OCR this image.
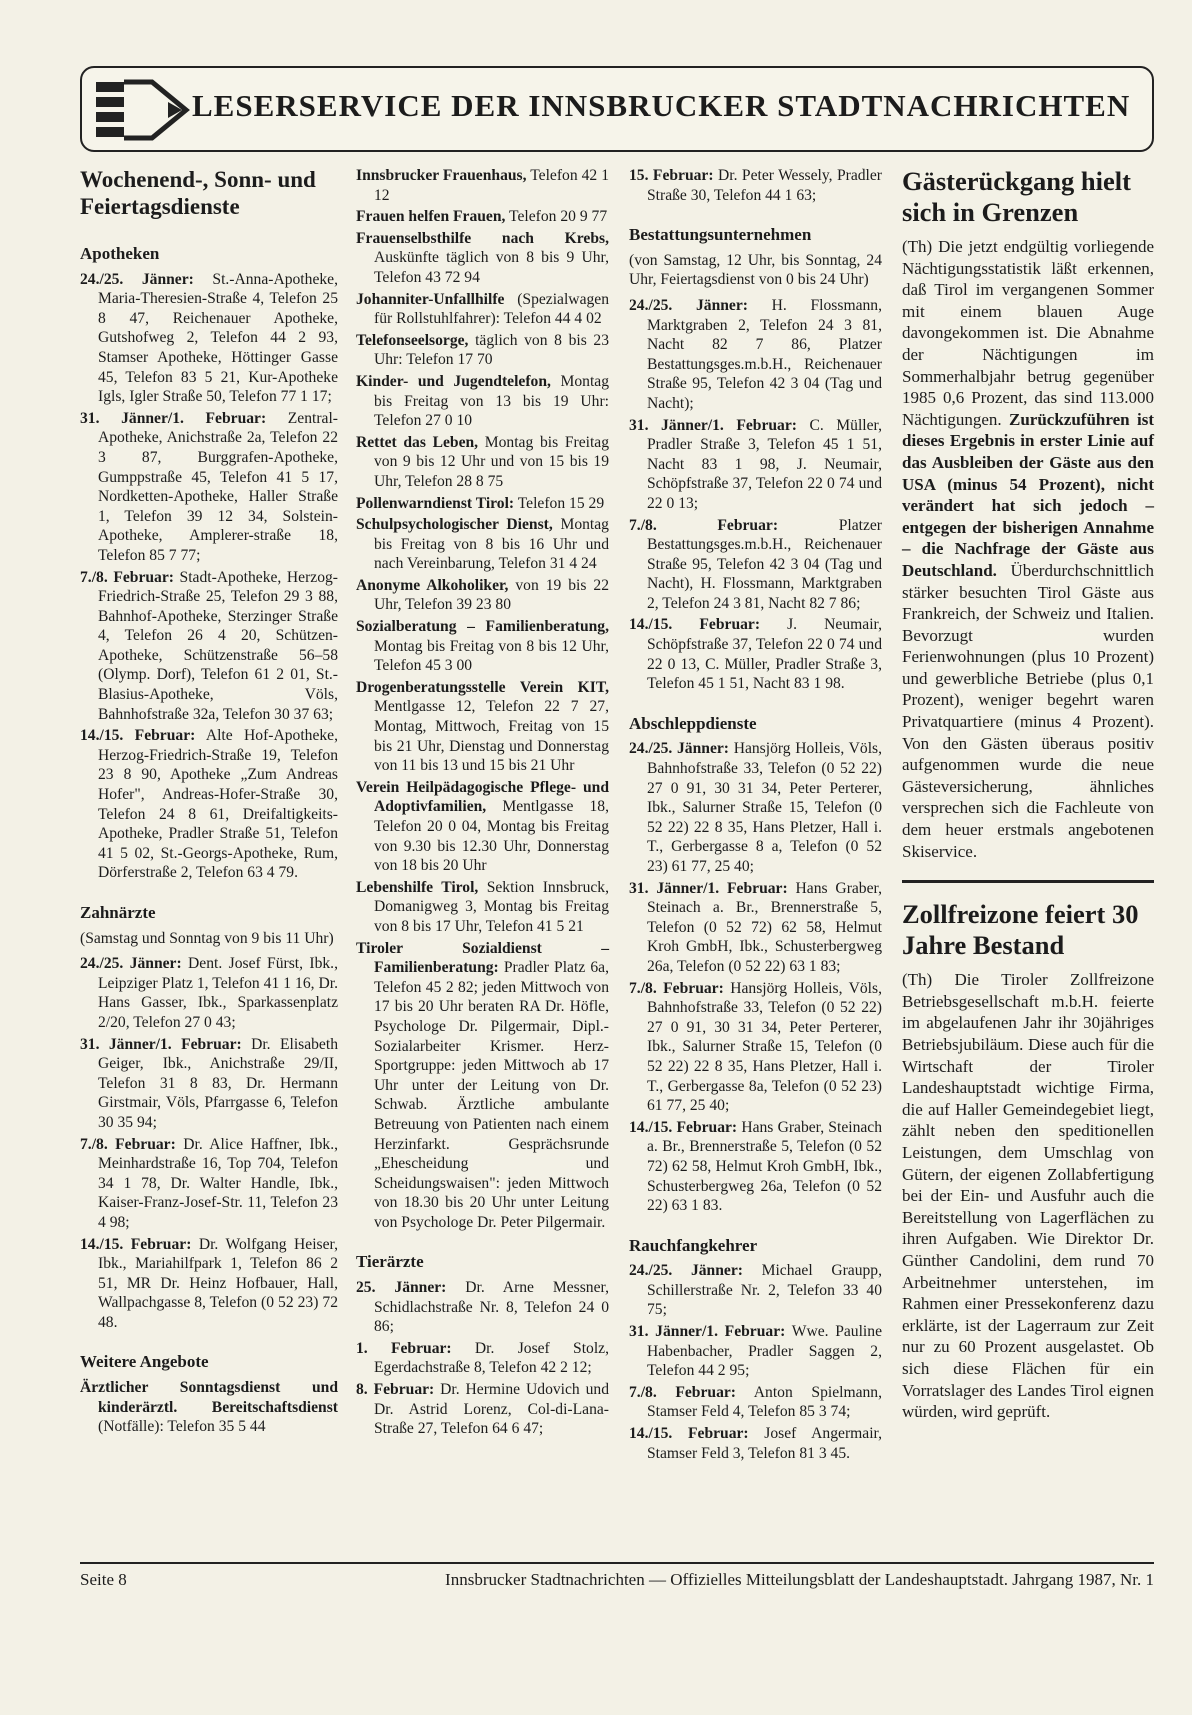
LESERSERVICE DER INNSBRUCKER STADTNACHRICHTEN
Wochenend-, Sonn- und Feiertagsdienste
Apotheken

24./25. Jänner: St.-Anna-Apotheke, Maria-Theresien-Straße 4, Telefon 25 8 47, Reichenauer Apotheke, Gutshofweg 2, Telefon 44 2 93, Stamser Apotheke, Höttinger Gasse 45, Telefon 83 5 21, Kur-Apotheke Igls, Igler Straße 50, Telefon 77 1 17;

31. Jänner/1. Februar: Zentral-Apotheke, Anichstraße 2a, Telefon 22 3 87, Burggrafen-Apotheke, Gumppstraße 45, Telefon 41 5 17, Nordketten-Apotheke, Haller Straße 1, Telefon 39 12 34, Solstein-Apotheke, Amplerer-straße 18, Telefon 85 7 77;

7./8. Februar: Stadt-Apotheke, Herzog-Friedrich-Straße 25, Telefon 29 3 88, Bahnhof-Apotheke, Sterzinger Straße 4, Telefon 26 4 20, Schützen-Apotheke, Schützenstraße 56–58 (Olymp. Dorf), Telefon 61 2 01, St.-Blasius-Apotheke, Völs, Bahnhofstraße 32a, Telefon 30 37 63;

14./15. Februar: Alte Hof-Apotheke, Herzog-Friedrich-Straße 19, Telefon 23 8 90, Apotheke „Zum Andreas Hofer", Andreas-Hofer-Straße 30, Telefon 24 8 61, Dreifaltigkeits-Apotheke, Pradler Straße 51, Telefon 41 5 02, St.-Georgs-Apotheke, Rum, Dörferstraße 2, Telefon 63 4 79.

Zahnärzte
(Samstag und Sonntag von 9 bis 11 Uhr)

24./25. Jänner: Dent. Josef Fürst, Ibk., Leipziger Platz 1, Telefon 41 1 16, Dr. Hans Gasser, Ibk., Sparkassenplatz 2/20, Telefon 27 0 43;

31. Jänner/1. Februar: Dr. Elisabeth Geiger, Ibk., Anichstraße 29/II, Telefon 31 8 83, Dr. Hermann Girstmair, Völs, Pfarrgasse 6, Telefon 30 35 94;

7./8. Februar: Dr. Alice Haffner, Ibk., Meinhardstraße 16, Top 704, Telefon 34 1 78, Dr. Walter Handle, Ibk., Kaiser-Franz-Josef-Str. 11, Telefon 23 4 98;

14./15. Februar: Dr. Wolfgang Heiser, Ibk., Mariahilfpark 1, Telefon 86 2 51, MR Dr. Heinz Hofbauer, Hall, Wallpachgasse 8, Telefon (0 52 23) 72 48.

Weitere Angebote

Ärztlicher Sonntagsdienst und kinderärztl. Bereitschaftsdienst (Notfälle): Telefon 35 5 44

Innsbrucker Frauenhaus, Telefon 42 1 12

Frauen helfen Frauen, Telefon 20 9 77

Frauenselbsthilfe nach Krebs, Auskünfte täglich von 8 bis 9 Uhr, Telefon 43 72 94

Johanniter-Unfallhilfe (Spezialwagen für Rollstuhlfahrer): Telefon 44 4 02

Telefonseelsorge, täglich von 8 bis 23 Uhr: Telefon 17 70

Kinder- und Jugendtelefon, Montag bis Freitag von 13 bis 19 Uhr: Telefon 27 0 10

Rettet das Leben, Montag bis Freitag von 9 bis 12 Uhr und von 15 bis 19 Uhr, Telefon 28 8 75

Pollenwarndienst Tirol: Telefon 15 29

Schulpsychologischer Dienst, Montag bis Freitag von 8 bis 16 Uhr und nach Vereinbarung, Telefon 31 4 24

Anonyme Alkoholiker, von 19 bis 22 Uhr, Telefon 39 23 80

Sozialberatung – Familienberatung, Montag bis Freitag von 8 bis 12 Uhr, Telefon 45 3 00

Drogenberatungsstelle Verein KIT, Mentlgasse 12, Telefon 22 7 27, Montag, Mittwoch, Freitag von 15 bis 21 Uhr, Dienstag und Donnerstag von 11 bis 13 und 15 bis 21 Uhr

Verein Heilpädagogische Pflege- und Adoptivfamilien, Mentlgasse 18, Telefon 20 0 04, Montag bis Freitag von 9.30 bis 12.30 Uhr, Donnerstag von 18 bis 20 Uhr

Lebenshilfe Tirol, Sektion Innsbruck, Domanigweg 3, Montag bis Freitag von 8 bis 17 Uhr, Telefon 41 5 21

Tiroler Sozialdienst – Familienberatung: Pradler Platz 6a, Telefon 45 2 82; jeden Mittwoch von 17 bis 20 Uhr beraten RA Dr. Höfle, Psychologe Dr. Pilgermair, Dipl.-Sozialarbeiter Krismer. Herz-Sportgruppe: jeden Mittwoch ab 17 Uhr unter der Leitung von Dr. Schwab. Ärztliche ambulante Betreuung von Patienten nach einem Herzinfarkt. Gesprächsrunde „Ehescheidung und Scheidungswaisen": jeden Mittwoch von 18.30 bis 20 Uhr unter Leitung von Psychologe Dr. Peter Pilgermair.

Tierärzte

25. Jänner: Dr. Arne Messner, Schidlachstraße Nr. 8, Telefon 24 0 86;

1. Februar: Dr. Josef Stolz, Egerdachstraße 8, Telefon 42 2 12;

8. Februar: Dr. Hermine Udovich und Dr. Astrid Lorenz, Col-di-Lana-Straße 27, Telefon 64 6 47;

15. Februar: Dr. Peter Wessely, Pradler Straße 30, Telefon 44 1 63;

Bestattungsunternehmen
(von Samstag, 12 Uhr, bis Sonntag, 24 Uhr, Feiertagsdienst von 0 bis 24 Uhr)

24./25. Jänner: H. Flossmann, Marktgraben 2, Telefon 24 3 81, Nacht 82 7 86, Platzer Bestattungsges.m.b.H., Reichenauer Straße 95, Telefon 42 3 04 (Tag und Nacht);

31. Jänner/1. Februar: C. Müller, Pradler Straße 3, Telefon 45 1 51, Nacht 83 1 98, J. Neumair, Schöpfstraße 37, Telefon 22 0 74 und 22 0 13;

7./8. Februar: Platzer Bestattungsges.m.b.H., Reichenauer Straße 95, Telefon 42 3 04 (Tag und Nacht), H. Flossmann, Marktgraben 2, Telefon 24 3 81, Nacht 82 7 86;

14./15. Februar: J. Neumair, Schöpfstraße 37, Telefon 22 0 74 und 22 0 13, C. Müller, Pradler Straße 3, Telefon 45 1 51, Nacht 83 1 98.

Abschleppdienste

24./25. Jänner: Hansjörg Holleis, Völs, Bahnhofstraße 33, Telefon (0 52 22) 27 0 91, 30 31 34, Peter Perterer, Ibk., Salurner Straße 15, Telefon (0 52 22) 22 8 35, Hans Pletzer, Hall i. T., Gerbergasse 8 a, Telefon (0 52 23) 61 77, 25 40;

31. Jänner/1. Februar: Hans Graber, Steinach a. Br., Brennerstraße 5, Telefon (0 52 72) 62 58, Helmut Kroh GmbH, Ibk., Schusterbergweg 26a, Telefon (0 52 22) 63 1 83;

7./8. Februar: Hansjörg Holleis, Völs, Bahnhofstraße 33, Telefon (0 52 22) 27 0 91, 30 31 34, Peter Perterer, Ibk., Salurner Straße 15, Telefon (0 52 22) 22 8 35, Hans Pletzer, Hall i. T., Gerbergasse 8a, Telefon (0 52 23) 61 77, 25 40;

14./15. Februar: Hans Graber, Steinach a. Br., Brennerstraße 5, Telefon (0 52 72) 62 58, Helmut Kroh GmbH, Ibk., Schusterbergweg 26a, Telefon (0 52 22) 63 1 83.

Rauchfangkehrer

24./25. Jänner: Michael Graupp, Schillerstraße Nr. 2, Telefon 33 40 75;

31. Jänner/1. Februar: Wwe. Pauline Habenbacher, Pradler Saggen 2, Telefon 44 2 95;

7./8. Februar: Anton Spielmann, Stamser Feld 4, Telefon 85 3 74;

14./15. Februar: Josef Angermair, Stamser Feld 3, Telefon 81 3 45.

Gästerückgang hielt sich in Grenzen

(Th) Die jetzt endgültig vorliegende Nächtigungsstatistik läßt erkennen, daß Tirol im vergangenen Sommer mit einem blauen Auge davongekommen ist. Die Abnahme der Nächtigungen im Sommerhalbjahr betrug gegenüber 1985 0,6 Prozent, das sind 113.000 Nächtigungen. Zurückzuführen ist dieses Ergebnis in erster Linie auf das Ausbleiben der Gäste aus den USA (minus 54 Prozent), nicht verändert hat sich jedoch – entgegen der bisherigen Annahme – die Nachfrage der Gäste aus Deutschland. Überdurchschnittlich stärker besuchten Tirol Gäste aus Frankreich, der Schweiz und Italien. Bevorzugt wurden Ferienwohnungen (plus 10 Prozent) und gewerbliche Betriebe (plus 0,1 Prozent), weniger begehrt waren Privatquartiere (minus 4 Prozent). Von den Gästen überaus positiv aufgenommen wurde die neue Gästeversicherung, ähnliches versprechen sich die Fachleute von dem heuer erstmals angebotenen Skiservice.

Zollfreizone feiert 30 Jahre Bestand

(Th) Die Tiroler Zollfreizone Betriebsgesellschaft m.b.H. feierte im abgelaufenen Jahr ihr 30jähriges Betriebsjubiläum. Diese auch für die Wirtschaft der Tiroler Landeshauptstadt wichtige Firma, die auf Haller Gemeindegebiet liegt, zählt neben den speditionellen Leistungen, dem Umschlag von Gütern, der eigenen Zollabfertigung bei der Ein- und Ausfuhr auch die Bereitstellung von Lagerflächen zu ihren Aufgaben. Wie Direktor Dr. Günther Candolini, dem rund 70 Arbeitnehmer unterstehen, im Rahmen einer Pressekonferenz dazu erklärte, ist der Lagerraum zur Zeit nur zu 60 Prozent ausgelastet. Ob sich diese Flächen für ein Vorratslager des Landes Tirol eignen würden, wird geprüft.

Seite 8	Innsbrucker Stadtnachrichten — Offizielles Mitteilungsblatt der Landeshauptstadt. Jahrgang 1987, Nr. 1
